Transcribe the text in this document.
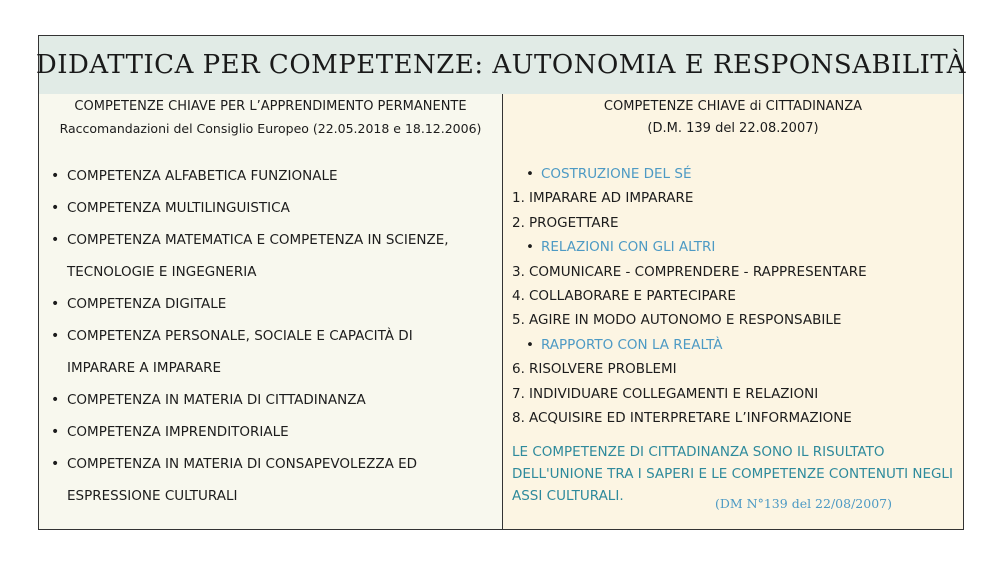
DIDATTICA PER COMPETENZE: AUTONOMIA E RESPONSABILITÀ
COMPETENZE CHIAVE PER L’APPRENDIMENTO PERMANENTE
Raccomandazioni del Consiglio Europeo (22.05.2018 e 18.12.2006)
• COMPETENZA ALFABETICA FUNZIONALE
• COMPETENZA MULTILINGUISTICA
• COMPETENZA MATEMATICA E COMPETENZA IN SCIENZE,
TECNOLOGIE E INGEGNERIA
• COMPETENZA DIGITALE
• COMPETENZA PERSONALE, SOCIALE E CAPACITÀ DI
IMPARARE A IMPARARE
• COMPETENZA IN MATERIA DI CITTADINANZA
• COMPETENZA IMPRENDITORIALE
• COMPETENZA IN MATERIA DI CONSAPEVOLEZZA ED
ESPRESSIONE CULTURALI
COMPETENZE CHIAVE di CITTADINANZA
(D.M. 139 del 22.08.2007)
• COSTRUZIONE DEL SÉ
1. IMPARARE AD IMPARARE
2. PROGETTARE
• RELAZIONI CON GLI ALTRI
3. COMUNICARE - COMPRENDERE - RAPPRESENTARE
4. COLLABORARE E PARTECIPARE
5. AGIRE IN MODO AUTONOMO E RESPONSABILE
• RAPPORTO CON LA REALTÀ
6. RISOLVERE PROBLEMI
7. INDIVIDUARE COLLEGAMENTI E RELAZIONI
8. ACQUISIRE ED INTERPRETARE L’INFORMAZIONE
LE COMPETENZE DI CITTADINANZA SONO IL RISULTATO DELL'UNIONE TRA I SAPERI E LE COMPETENZE CONTENUTI NEGLI ASSI CULTURALI.	(DM N°139 del 22/08/2007)
